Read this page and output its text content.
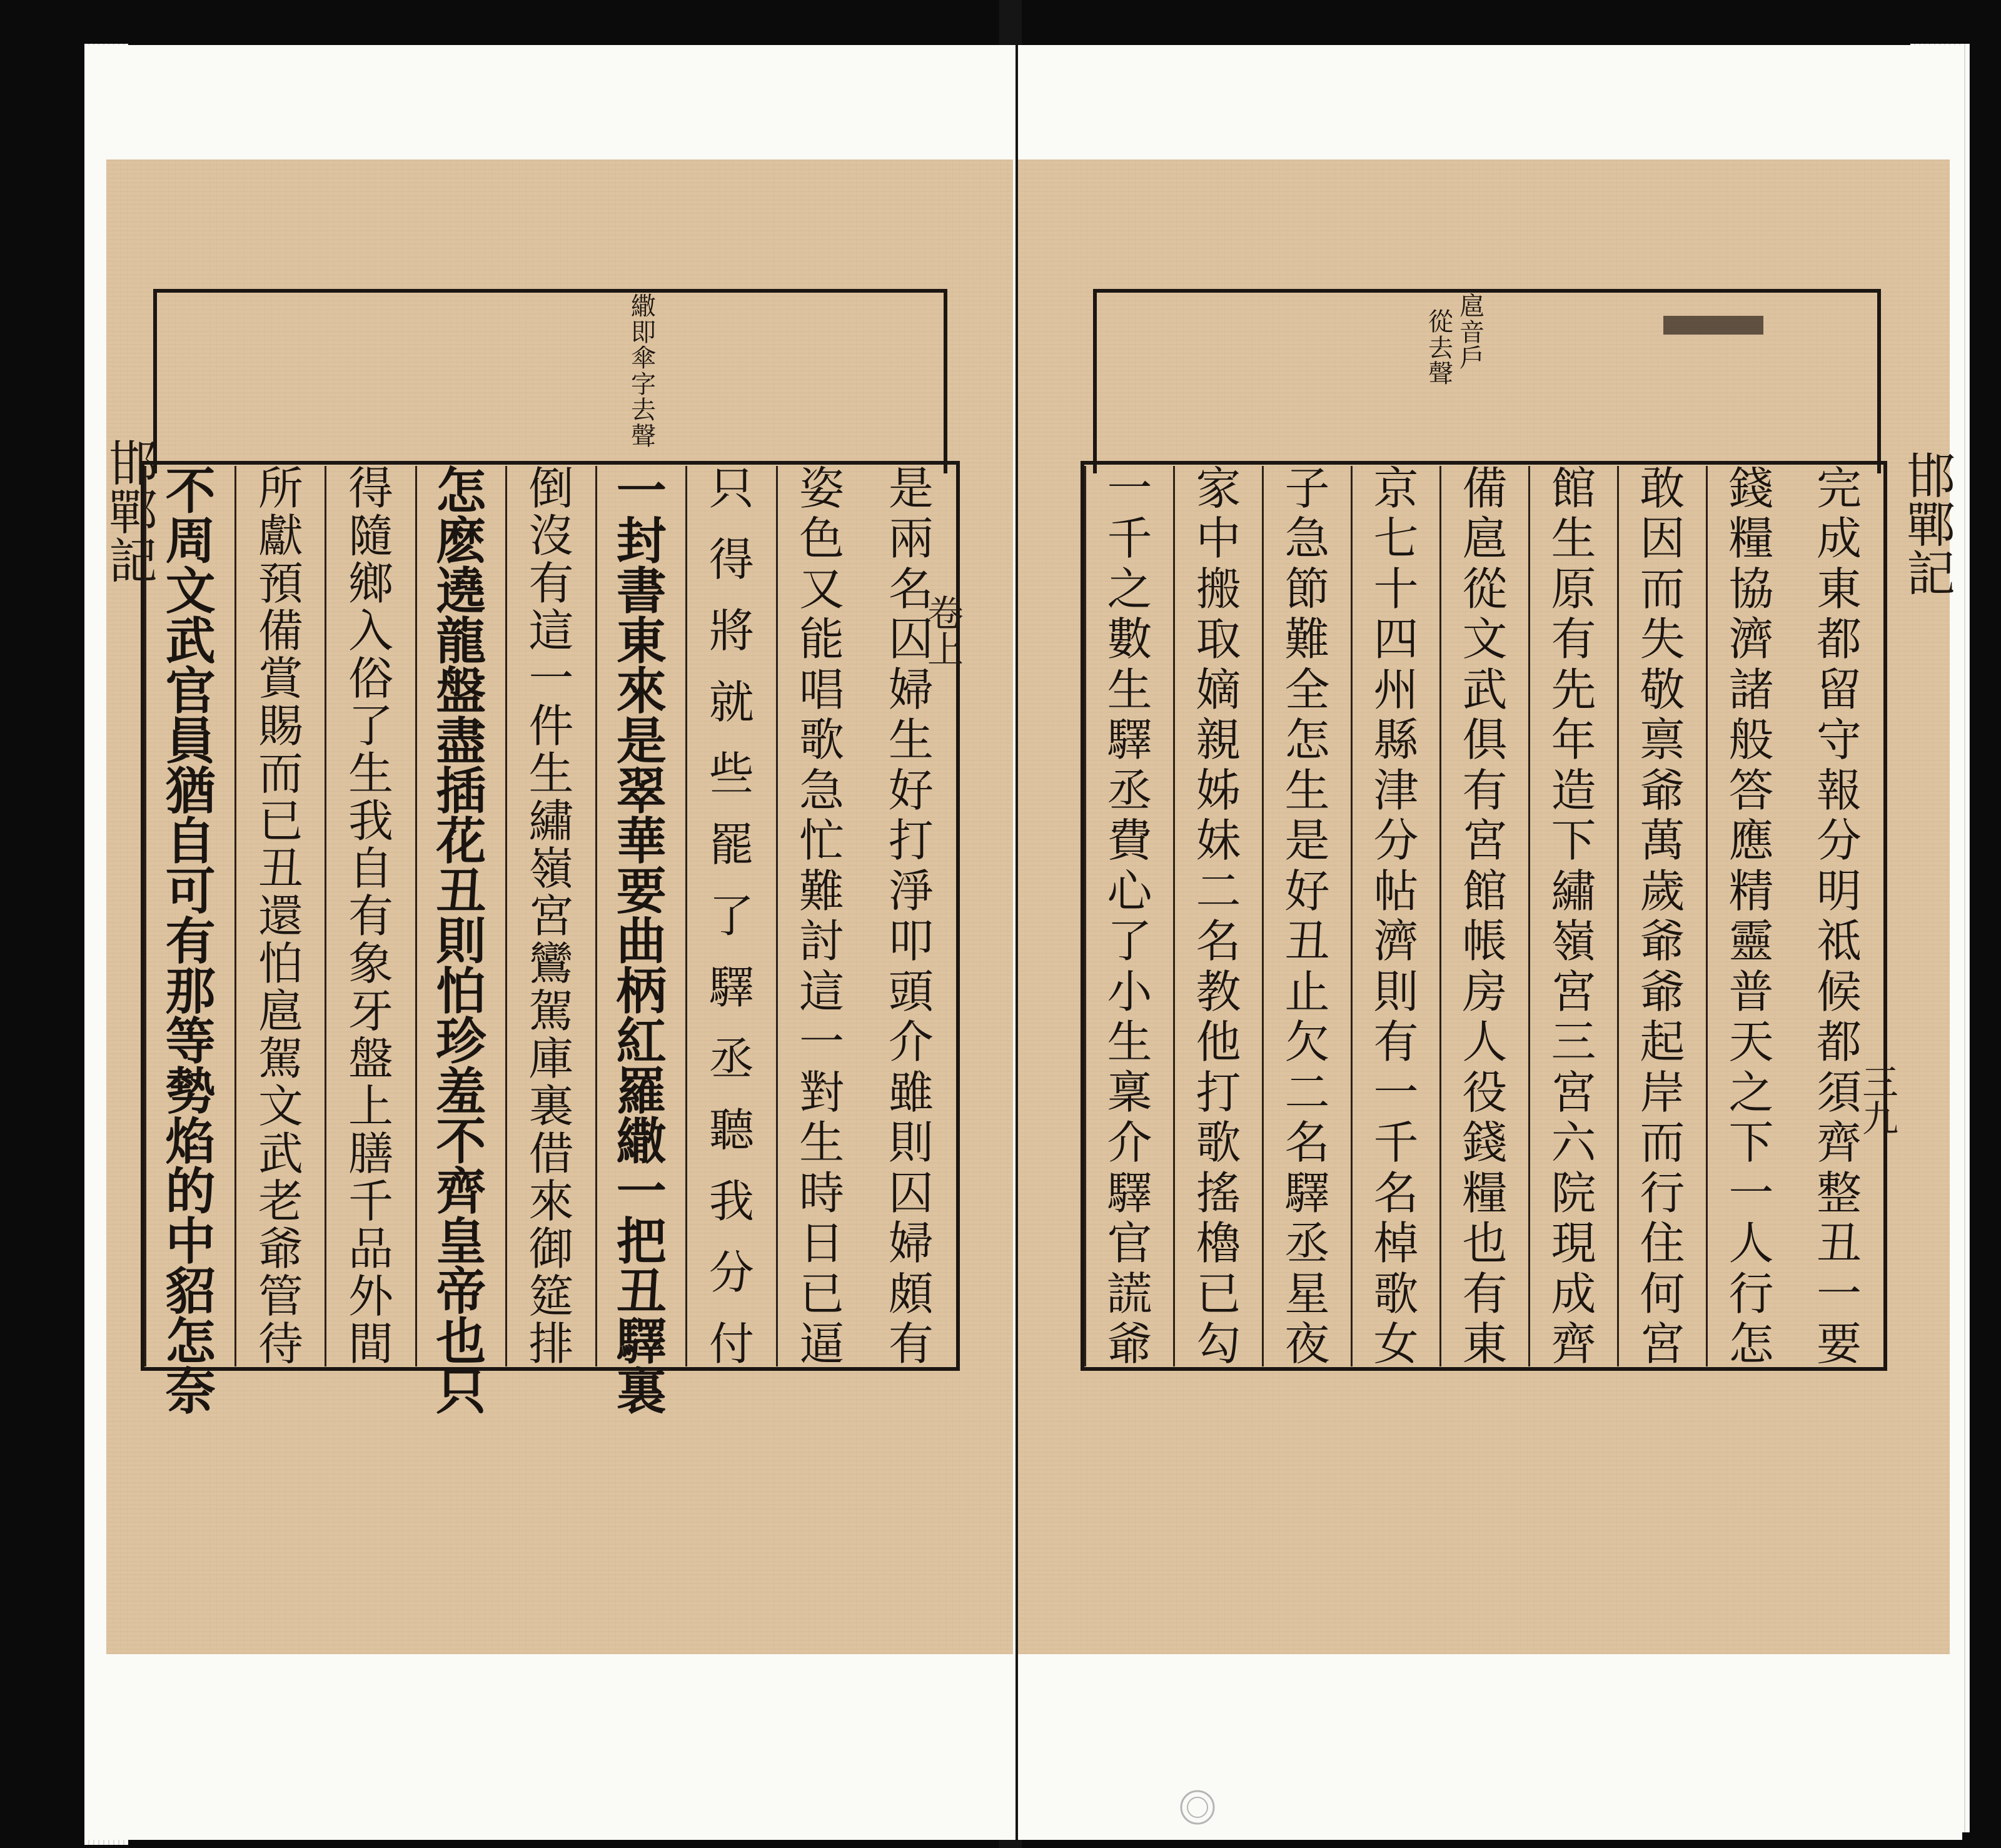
邯鄲記	邯鄲記
繖
即
傘
字
去
聲
扈
音
戶
從
去
聲
是
兩
名
囚
婦
生
好
打
淨
叩
頭
介
雖
則
囚
婦
頗
有
姿
色
又
能
唱
歌
急
忙
難
討
這
一
對
生
時
日
已
逼
只
得
將
就
些
罷
了
驛
丞
聽
我
分
付
一
封
書
東
來
是
翠
華
要
曲
柄
紅
羅
繖
一
把
丑
驛
裏
倒
沒
有
這
一
件
生
繡
嶺
宮
鸞
駕
庫
裏
借
來
御
筵
排
怎
麽
遶
龍
盤
盡
插
花
丑
則
怕
珍
羞
不
齊
皇
帝
也
只
得
隨
鄉
入
俗
了
生
我
自
有
象
牙
盤
上
膳
千
品
外
間
所
獻
預
備
賞
賜
而
已
丑
還
怕
扈
駕
文
武
老
爺
管
待
不
周
文
武
官
員
猶
自
可
有
那
等
勢
焰
的
中
貂
怎
奈
完
成
東
都
留
守
報
分
明
祗
候
都
須
齊
整
丑
一
要
錢
糧
協
濟
諸
般
答
應
精
靈
普
天
之
下
一
人
行
怎
敢
因
而
失
敬
禀
爺
萬
歲
爺
爺
起
岸
而
行
住
何
宮
館
生
原
有
先
年
造
下
繡
嶺
宮
三
宮
六
院
現
成
齊
備
扈
從
文
武
俱
有
宮
館
帳
房
人
役
錢
糧
也
有
東
京
七
十
四
州
縣
津
分
帖
濟
則
有
一
千
名
棹
歌
女
子
急
節
難
全
怎
生
是
好
丑
止
欠
二
名
驛
丞
星
夜
家
中
搬
取
嫡
親
姊
妹
二
名
教
他
打
歌
搖
櫓
已
勾
一
千
之
數
生
驛
丞
費
心
了
小
生
稟
介
驛
官
謊
爺
卷上
三九
